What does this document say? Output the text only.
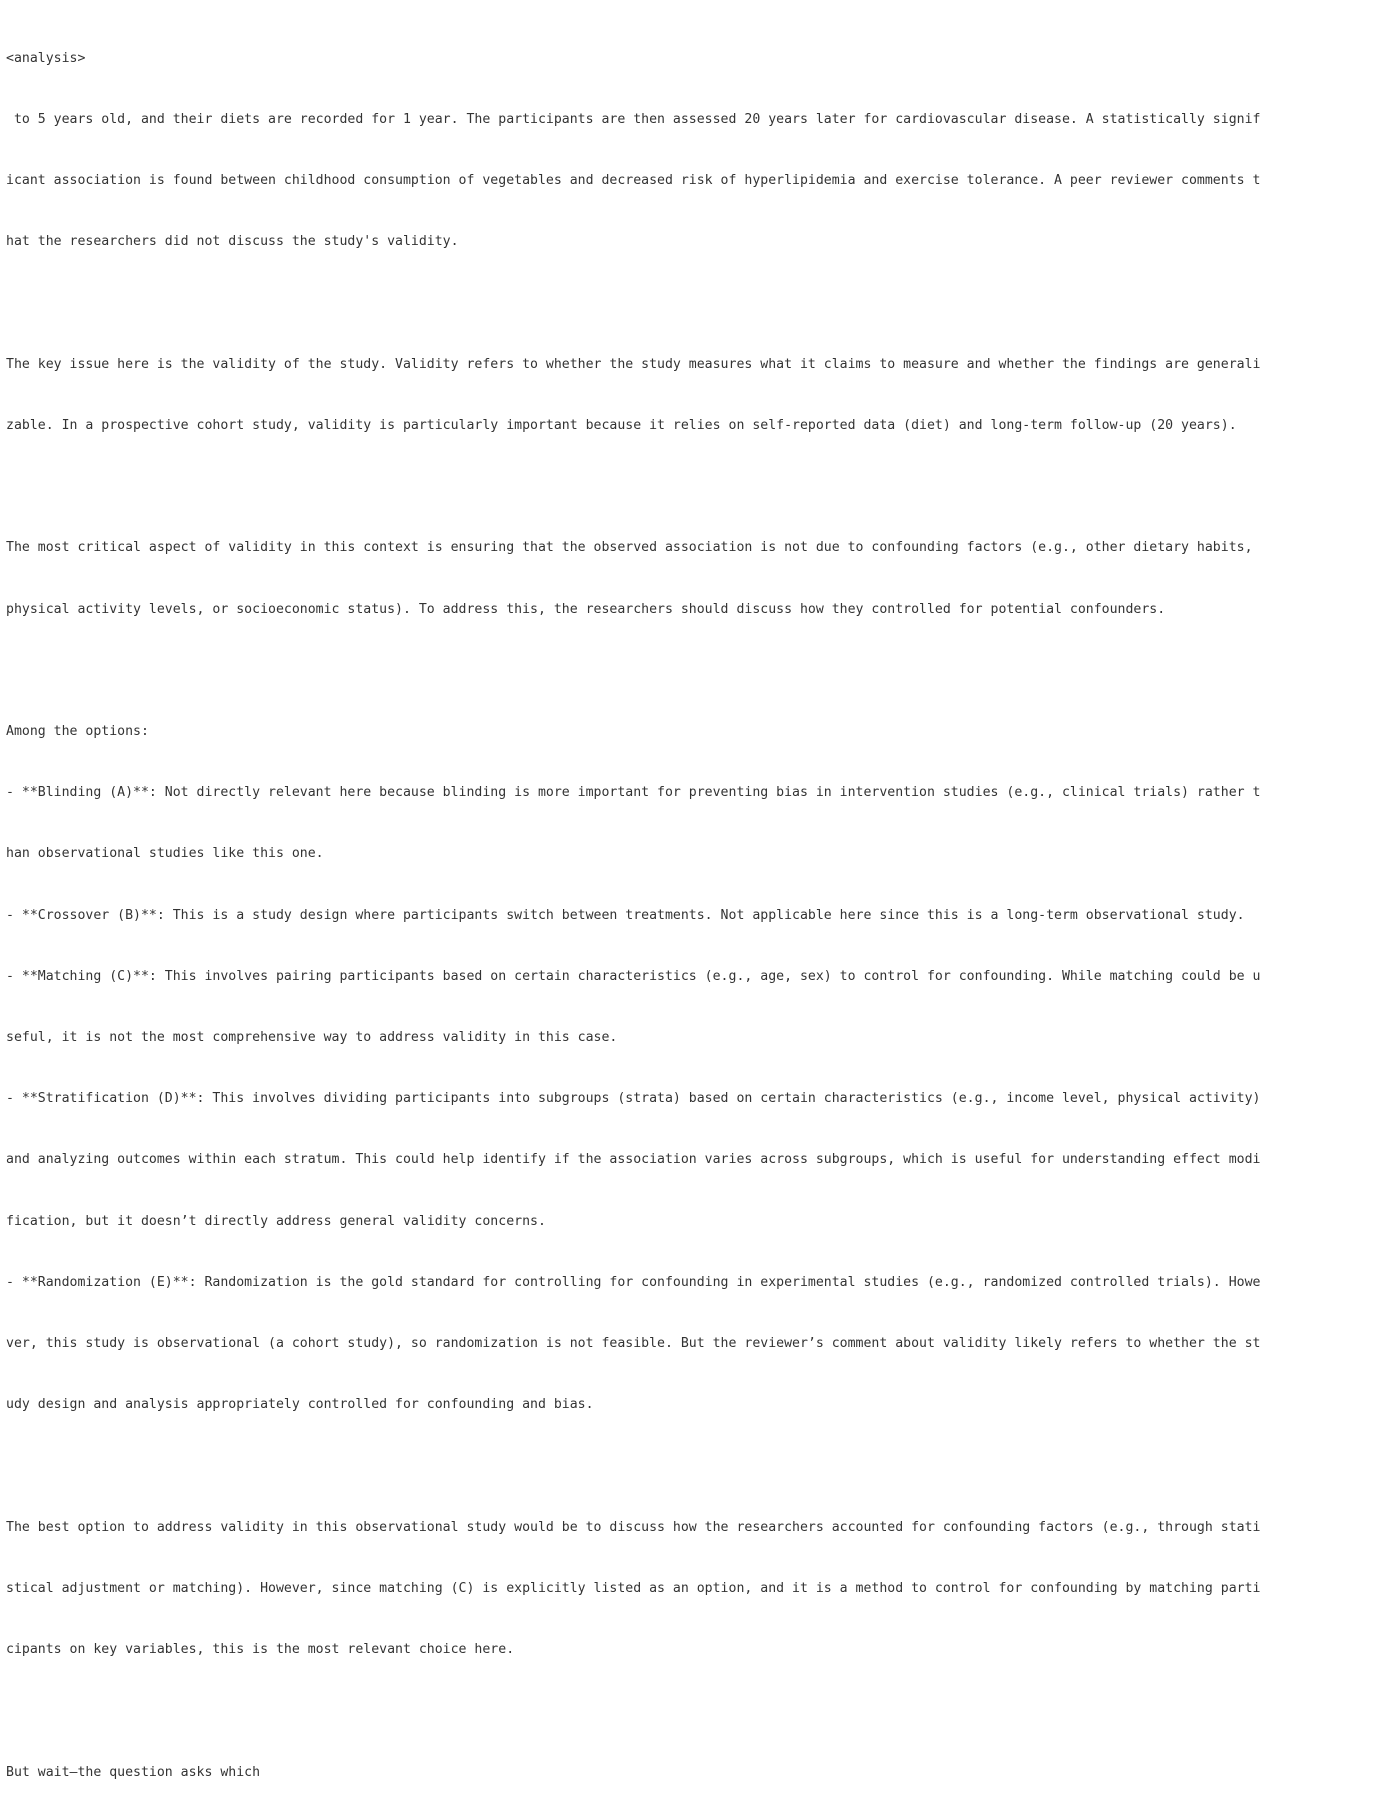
<analysis>

to 5 years old, and their diets are recorded for 1 year. The participants are then assessed 20 years later for cardiovascular disease. A statistically signif

icant association is found between childhood consumption of vegetables and decreased risk of hyperlipidemia and exercise tolerance. A peer reviewer comments t

hat the researchers did not discuss the study's validity.

The key issue here is the validity of the study. Validity refers to whether the study measures what it claims to measure and whether the findings are generali

zable. In a prospective cohort study, validity is particularly important because it relies on self-reported data (diet) and long-term follow-up (20 years).

The most critical aspect of validity in this context is ensuring that the observed association is not due to confounding factors (e.g., other dietary habits,

physical activity levels, or socioeconomic status). To address this, the researchers should discuss how they controlled for potential confounders.

Among the options:

- **Blinding (A)**: Not directly relevant here because blinding is more important for preventing bias in intervention studies (e.g., clinical trials) rather t

han observational studies like this one.

- **Crossover (B)**: This is a study design where participants switch between treatments. Not applicable here since this is a long-term observational study.

- **Matching (C)**: This involves pairing participants based on certain characteristics (e.g., age, sex) to control for confounding. While matching could be u

seful, it is not the most comprehensive way to address validity in this case.

- **Stratification (D)**: This involves dividing participants into subgroups (strata) based on certain characteristics (e.g., income level, physical activity)

and analyzing outcomes within each stratum. This could help identify if the association varies across subgroups, which is useful for understanding effect modi

fication, but it doesn’t directly address general validity concerns.

- **Randomization (E)**: Randomization is the gold standard for controlling for confounding in experimental studies (e.g., randomized controlled trials). Howe

ver, this study is observational (a cohort study), so randomization is not feasible. But the reviewer’s comment about validity likely refers to whether the st

udy design and analysis appropriately controlled for confounding and bias.

The best option to address validity in this observational study would be to discuss how the researchers accounted for confounding factors (e.g., through stati

stical adjustment or matching). However, since matching (C) is explicitly listed as an option, and it is a method to control for confounding by matching parti

cipants on key variables, this is the most relevant choice here.

But wait—the question asks which
